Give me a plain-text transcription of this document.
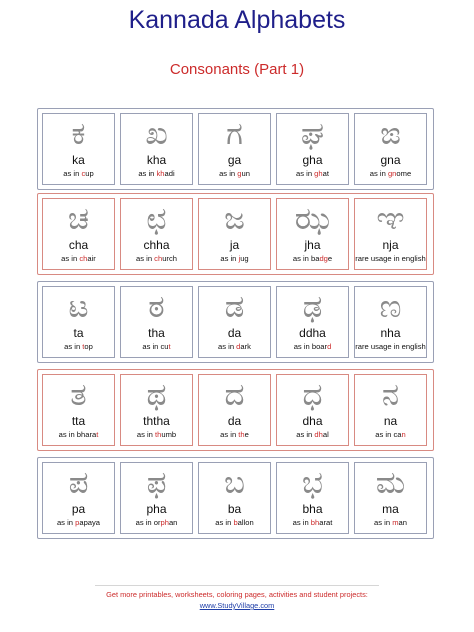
Kannada Alphabets
Consonants (Part 1)
ಕ
ka
as in cup
ಖ
kha
as in khadi
ಗ
ga
as in gun
ಘ
gha
as in ghat
ಙ
gna
as in gnome
ಚ
cha
as in chair
ಛ
chha
as in church
ಜ
ja
as in jug
ಝ
jha
as in badge
ಞ
nja
rare usage in english
ಟ
ta
as in top
ಠ
tha
as in cut
ಡ
da
as in dark
ಢ
ddha
as in board
ಣ
nha
rare usage in english
ತ
tta
as in bharat
ಥ
ththa
as in thumb
ದ
da
as in the
ಧ
dha
as in dhal
ನ
na
as in can
ಪ
pa
as in papaya
ಫ
pha
as in orphan
ಬ
ba
as in ballon
ಭ
bha
as in bharat
ಮ
ma
as in man
Get more printables, worksheets, coloring pages, activities and student projects:
www.StudyVillage.com
